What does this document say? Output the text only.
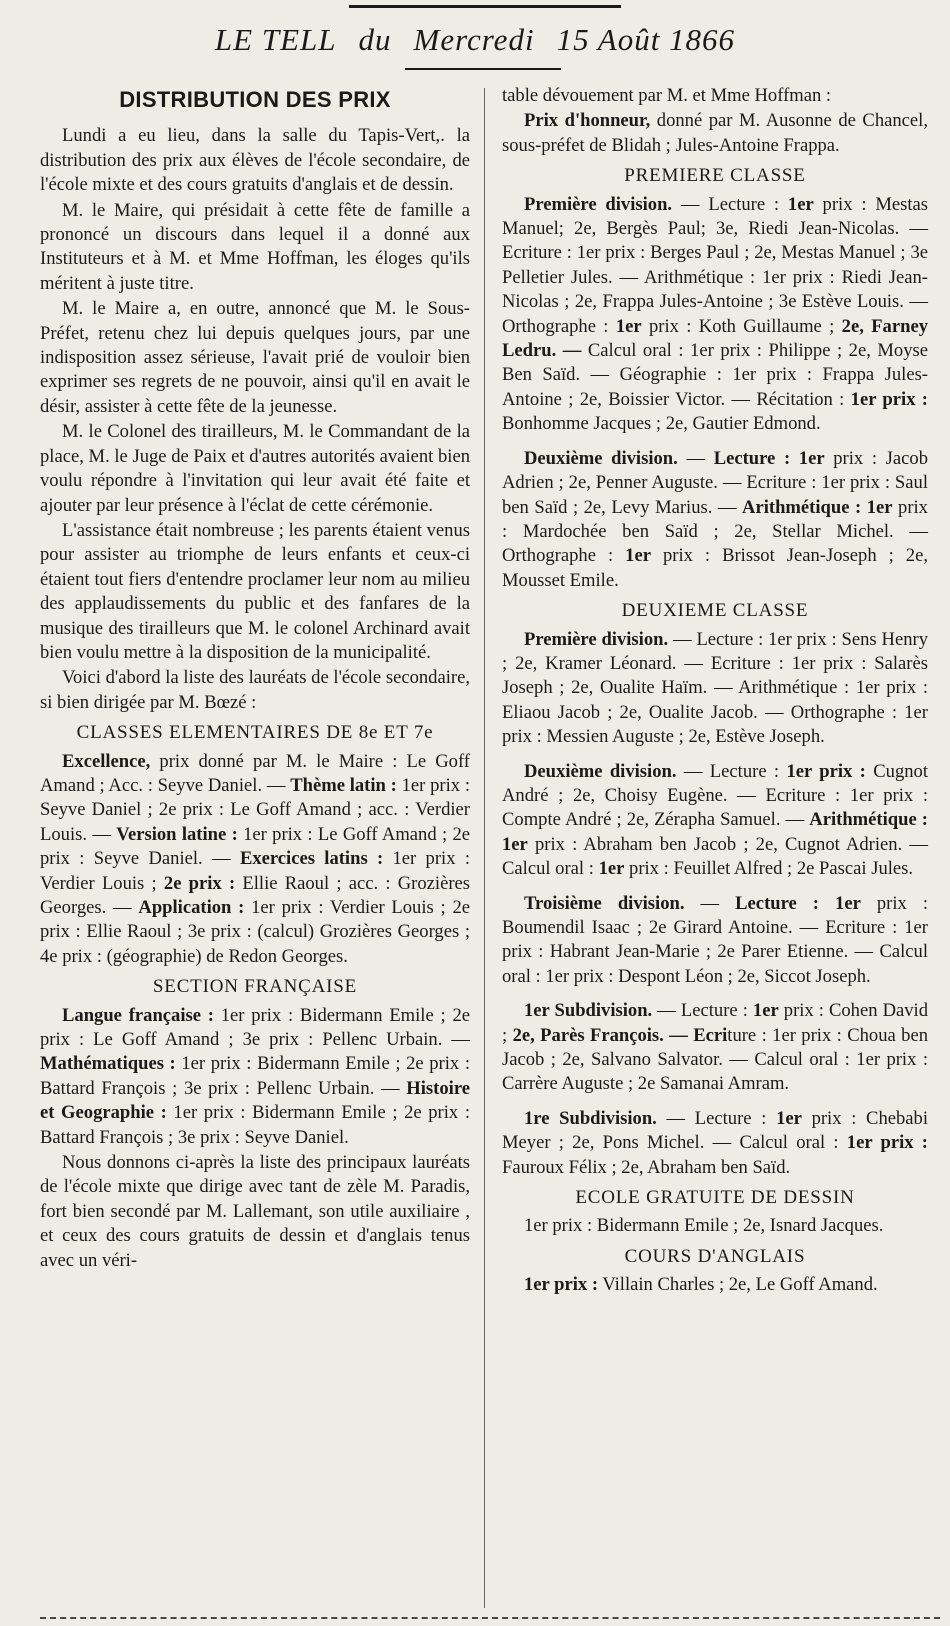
LE TELL du Mercredi 15 Août 1866
DISTRIBUTION DES PRIX

Lundi a eu lieu, dans la salle du Tapis-Vert,. la distribution des prix aux élèves de l'école secondaire, de l'école mixte et des cours gratuits d'anglais et de dessin.

M. le Maire, qui présidait à cette fête de famille a prononcé un discours dans lequel il a donné aux Instituteurs et à M. et Mme Hoffman, les éloges qu'ils méritent à juste titre.

M. le Maire a, en outre, annoncé que M. le Sous-Préfet, retenu chez lui depuis quelques jours, par une indisposition assez sérieuse, l'avait prié de vouloir bien exprimer ses regrets de ne pouvoir, ainsi qu'il en avait le désir, assister à cette fête de la jeunesse.

M. le Colonel des tirailleurs, M. le Commandant de la place, M. le Juge de Paix et d'autres autorités avaient bien voulu répondre à l'invitation qui leur avait été faite et ajouter par leur présence à l'éclat de cette cérémonie.

L'assistance était nombreuse ; les parents étaient venus pour assister au triomphe de leurs enfants et ceux-ci étaient tout fiers d'entendre proclamer leur nom au milieu des applaudissements du public et des fanfares de la musique des tirailleurs que M. le colonel Archinard avait bien voulu mettre à la disposition de la municipalité.

Voici d'abord la liste des lauréats de l'école secondaire, si bien dirigée par M. Bœzé :

CLASSES ELEMENTAIRES DE 8e ET 7e

Excellence, prix donné par M. le Maire : Le Goff Amand ; Acc. : Seyve Daniel. — Thème latin : 1er prix : Seyve Daniel ; 2e prix : Le Goff Amand ; acc. : Verdier Louis. — Version latine : 1er prix : Le Goff Amand ; 2e prix : Seyve Daniel. — Exercices latins : 1er prix : Verdier Louis ; 2e prix : Ellie Raoul ; acc. : Grozières Georges. — Application : 1er prix : Verdier Louis ; 2e prix : Ellie Raoul ; 3e prix : (calcul) Grozières Georges ; 4e prix : (géographie) de Redon Georges.

SECTION FRANÇAISE

Langue française : 1er prix : Bidermann Emile ; 2e prix : Le Goff Amand ; 3e prix : Pellenc Urbain. — Mathématiques : 1er prix : Bidermann Emile ; 2e prix : Battard François ; 3e prix : Pellenc Urbain. — Histoire et Geographie : 1er prix : Bidermann Emile ; 2e prix : Battard François ; 3e prix : Seyve Daniel.

Nous donnons ci-après la liste des principaux lauréats de l'école mixte que dirige avec tant de zèle M. Paradis, fort bien secondé par M. Lallemant, son utile auxiliaire , et ceux des cours gratuits de dessin et d'anglais tenus avec un véri-

table dévouement par M. et Mme Hoffman :

Prix d'honneur, donné par M. Ausonne de Chancel, sous-préfet de Blidah ; Jules-Antoine Frappa.

PREMIERE CLASSE

Première division. — Lecture : 1er prix : Mestas Manuel; 2e, Bergès Paul; 3e, Riedi Jean-Nicolas. — Ecriture : 1er prix : Berges Paul ; 2e, Mestas Manuel ; 3e Pelletier Jules. — Arithmétique : 1er prix : Riedi Jean-Nicolas ; 2e, Frappa Jules-Antoine ; 3e Estève Louis. — Orthographe : 1er prix : Koth Guillaume ; 2e, Farney Ledru. — Calcul oral : 1er prix : Philippe ; 2e, Moyse Ben Saïd. — Géographie : 1er prix : Frappa Jules-Antoine ; 2e, Boissier Victor. — Récitation : 1er prix : Bonhomme Jacques ; 2e, Gautier Edmond.

Deuxième division. — Lecture : 1er prix : Jacob Adrien ; 2e, Penner Auguste. — Ecriture : 1er prix : Saul ben Saïd ; 2e, Levy Marius. — Arithmétique : 1er prix : Mardochée ben Saïd ; 2e, Stellar Michel. — Orthographe : 1er prix : Brissot Jean-Joseph ; 2e, Mousset Emile.

DEUXIEME CLASSE

Première division. — Lecture : 1er prix : Sens Henry ; 2e, Kramer Léonard. — Ecriture : 1er prix : Salarès Joseph ; 2e, Oualite Haïm. — Arithmétique : 1er prix : Eliaou Jacob ; 2e, Oualite Jacob. — Orthographe : 1er prix : Messien Auguste ; 2e, Estève Joseph.

Deuxième division. — Lecture : 1er prix : Cugnot André ; 2e, Choisy Eugène. — Ecriture : 1er prix : Compte André ; 2e, Zérapha Samuel. — Arithmétique : 1er prix : Abraham ben Jacob ; 2e, Cugnot Adrien. — Calcul oral : 1er prix : Feuillet Alfred ; 2e Pascai Jules.

Troisième division. — Lecture : 1er prix : Boumendil Isaac ; 2e Girard Antoine. — Ecriture : 1er prix : Habrant Jean-Marie ; 2e Parer Etienne. — Calcul oral : 1er prix : Despont Léon ; 2e, Siccot Joseph.

1er Subdivision. — Lecture : 1er prix : Cohen David ; 2e, Parès François. — Ecriture : 1er prix : Choua ben Jacob ; 2e, Salvano Salvator. — Calcul oral : 1er prix : Carrère Auguste ; 2e Samanai Amram.

1re Subdivision. — Lecture : 1er prix : Chebabi Meyer ; 2e, Pons Michel. — Calcul oral : 1er prix : Fauroux Félix ; 2e, Abraham ben Saïd.

ECOLE GRATUITE DE DESSIN

1er prix : Bidermann Emile ; 2e, Isnard Jacques.

COURS D'ANGLAIS

1er prix : Villain Charles ; 2e, Le Goff Amand.
